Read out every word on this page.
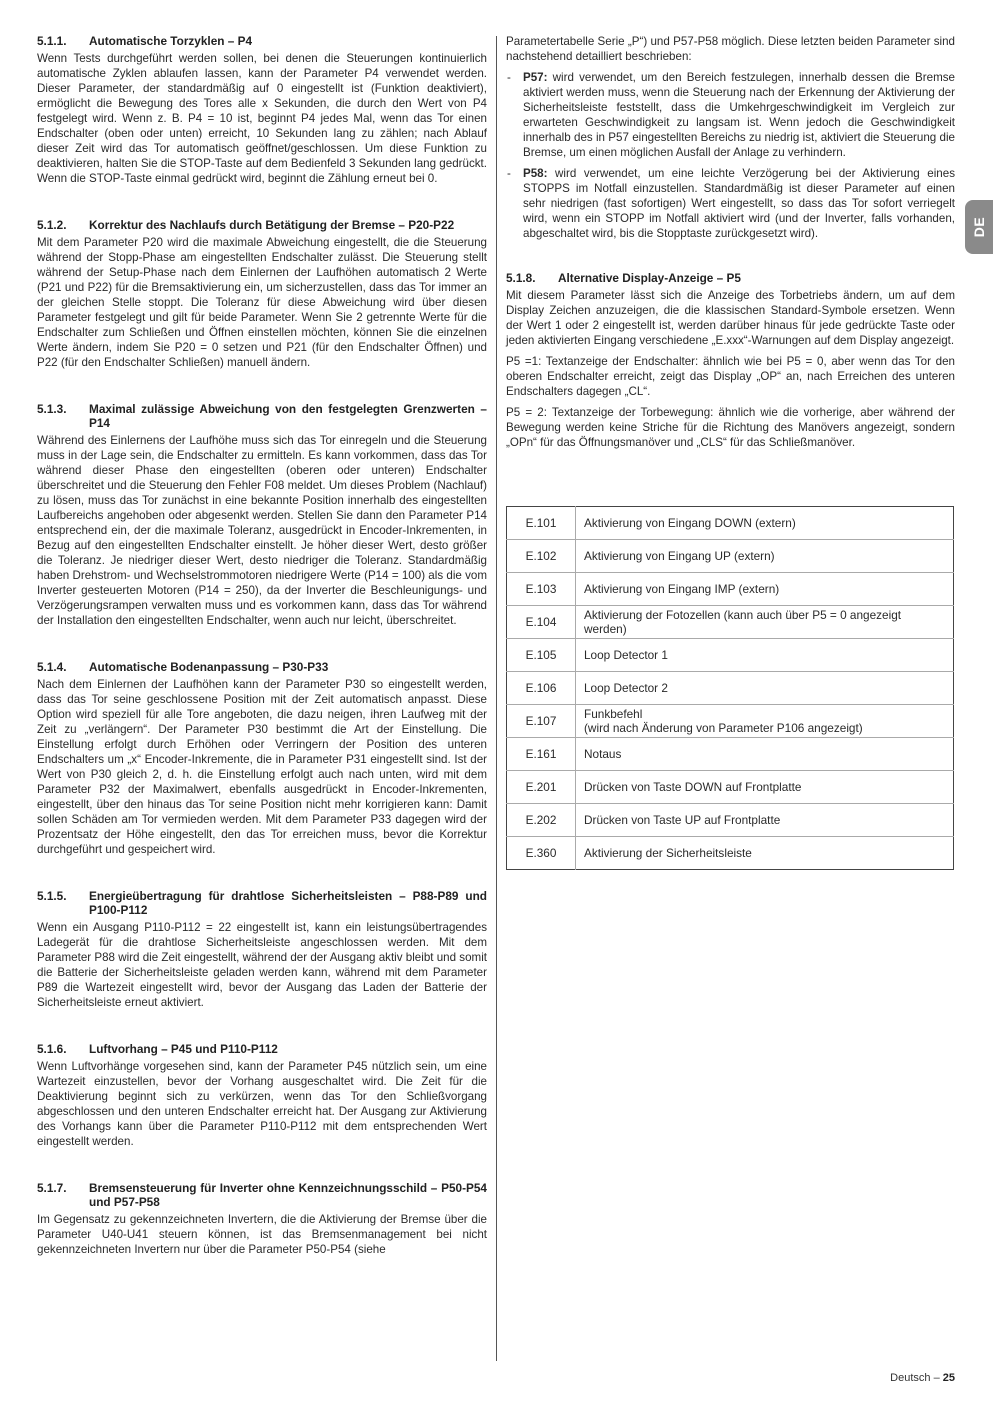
DE
5.1.1.	Automatische Torzyklen – P4

Wenn Tests durchgeführt werden sollen, bei denen die Steuerungen kontinuierlich automatische Zyklen ablaufen lassen, kann der Parameter P4 verwendet werden. Dieser Parameter, der standardmäßig auf 0 eingestellt ist (Funktion deaktiviert), ermöglicht die Bewegung des Tores alle x Sekunden, die durch den Wert von P4 festgelegt wird. Wenn z. B. P4 = 10 ist, beginnt P4 jedes Mal, wenn das Tor einen Endschalter (oben oder unten) erreicht, 10 Sekunden lang zu zählen; nach Ablauf dieser Zeit wird das Tor automatisch geöffnet/geschlossen. Um diese Funktion zu deaktivieren, halten Sie die STOP-Taste auf dem Bedienfeld 3 Sekunden lang gedrückt. Wenn die STOP-Taste einmal gedrückt wird, beginnt die Zählung erneut bei 0.

5.1.2.	Korrektur des Nachlaufs durch Betätigung der Bremse – P20-P22

Mit dem Parameter P20 wird die maximale Abweichung eingestellt, die die Steuerung während der Stopp-Phase am eingestellten Endschalter zulässt. Die Steuerung stellt während der Setup-Phase nach dem Einlernen der Laufhöhen automatisch 2 Werte (P21 und P22) für die Bremsaktivierung ein, um sicherzustellen, dass das Tor immer an der gleichen Stelle stoppt. Die Toleranz für diese Abweichung wird über diesen Parameter festgelegt und gilt für beide Parameter. Wenn Sie 2 getrennte Werte für die Endschalter zum Schließen und Öffnen einstellen möchten, können Sie die einzelnen Werte ändern, indem Sie P20 = 0 setzen und P21 (für den Endschalter Öffnen) und P22 (für den Endschalter Schließen) manuell ändern.

5.1.3.	Maximal zulässige Abweichung von den festgelegten Grenzwerten – P14

Während des Einlernens der Laufhöhe muss sich das Tor einregeln und die Steuerung muss in der Lage sein, die Endschalter zu ermitteln. Es kann vorkommen, dass das Tor während dieser Phase den eingestellten (oberen oder unteren) Endschalter überschreitet und die Steuerung den Fehler F08 meldet. Um dieses Problem (Nachlauf) zu lösen, muss das Tor zunächst in eine bekannte Position innerhalb des eingestellten Laufbereichs angehoben oder abgesenkt werden. Stellen Sie dann den Parameter P14 entsprechend ein, der die maximale Toleranz, ausgedrückt in Encoder-Inkrementen, in Bezug auf den eingestellten Endschalter einstellt. Je höher dieser Wert, desto größer die Toleranz. Je niedriger dieser Wert, desto niedriger die Toleranz. Standardmäßig haben Drehstrom- und Wechselstrommotoren niedrigere Werte (P14 = 100) als die vom Inverter gesteuerten Motoren (P14 = 250), da der Inverter die Beschleunigungs- und Verzögerungsrampen verwalten muss und es vorkommen kann, dass das Tor während der Installation den eingestellten Endschalter, wenn auch nur leicht, überschreitet.

5.1.4.	Automatische Bodenanpassung – P30-P33

Nach dem Einlernen der Laufhöhen kann der Parameter P30 so eingestellt werden, dass das Tor seine geschlossene Position mit der Zeit automatisch anpasst. Diese Option wird speziell für alle Tore angeboten, die dazu neigen, ihren Laufweg mit der Zeit zu „verlängern“. Der Parameter P30 bestimmt die Art der Einstellung. Die Einstellung erfolgt durch Erhöhen oder Verringern der Position des unteren Endschalters um „x“ Encoder-Inkremente, die in Parameter P31 eingestellt sind. Ist der Wert von P30 gleich 2, d. h. die Einstellung erfolgt auch nach unten, wird mit dem Parameter P32 der Maximalwert, ebenfalls ausgedrückt in Encoder-Inkrementen, eingestellt, über den hinaus das Tor seine Position nicht mehr korrigieren kann: Damit sollen Schäden am Tor vermieden werden. Mit dem Parameter P33 dagegen wird der Prozentsatz der Höhe eingestellt, den das Tor erreichen muss, bevor die Korrektur durchgeführt und gespeichert wird.

5.1.5.	Energieübertragung für drahtlose Sicherheitsleisten – P88-P89 und P100-P112

Wenn ein Ausgang P110-P112 = 22 eingestellt ist, kann ein leistungsübertragendes Ladegerät für die drahtlose Sicherheitsleiste angeschlossen werden. Mit dem Parameter P88 wird die Zeit eingestellt, während der der Ausgang aktiv bleibt und somit die Batterie der Sicherheitsleiste geladen werden kann, während mit dem Parameter P89 die Wartezeit eingestellt wird, bevor der Ausgang das Laden der Batterie der Sicherheitsleiste erneut aktiviert.

5.1.6.	Luftvorhang – P45 und P110-P112

Wenn Luftvorhänge vorgesehen sind, kann der Parameter P45 nützlich sein, um eine Wartezeit einzustellen, bevor der Vorhang ausgeschaltet wird. Die Zeit für die Deaktivierung beginnt sich zu verkürzen, wenn das Tor den Schließvorgang abgeschlossen und den unteren Endschalter erreicht hat. Der Ausgang zur Aktivierung des Vorhangs kann über die Parameter P110-P112 mit dem entsprechenden Wert eingestellt werden.

5.1.7.	Bremsensteuerung für Inverter ohne Kennzeichnungsschild – P50-P54 und P57-P58

Im Gegensatz zu gekennzeichneten Invertern, die die Aktivierung der Bremse über die Parameter U40-U41 steuern können, ist das Bremsenmanagement bei nicht gekennzeichneten Invertern nur über die Parameter P50-P54 (siehe

Parametertabelle Serie „P“) und P57-P58 möglich. Diese letzten beiden Parameter sind nachstehend detailliert beschrieben:

- P57: wird verwendet, um den Bereich festzulegen, innerhalb dessen die Bremse aktiviert werden muss, wenn die Steuerung nach der Erkennung der Aktivierung der Sicherheitsleiste feststellt, dass die Umkehrgeschwindigkeit im Vergleich zur erwarteten Geschwindigkeit zu langsam ist. Wenn jedoch die Geschwindigkeit innerhalb des in P57 eingestellten Bereichs zu niedrig ist, aktiviert die Steuerung die Bremse, um einen möglichen Ausfall der Anlage zu verhindern.
- P58: wird verwendet, um eine leichte Verzögerung bei der Aktivierung eines STOPPS im Notfall einzustellen. Standardmäßig ist dieser Parameter auf einen sehr niedrigen (fast sofortigen) Wert eingestellt, so dass das Tor sofort verriegelt wird, wenn ein STOPP im Notfall aktiviert wird (und der Inverter, falls vorhanden, abgeschaltet wird, bis die Stopptaste zurückgesetzt wird).
5.1.8.	Alternative Display-Anzeige – P5

Mit diesem Parameter lässt sich die Anzeige des Torbetriebs ändern, um auf dem Display Zeichen anzuzeigen, die die klassischen Standard-Symbole ersetzen. Wenn der Wert 1 oder 2 eingestellt ist, werden darüber hinaus für jede gedrückte Taste oder jeden aktivierten Eingang verschiedene „E.xxx“-Warnungen auf dem Display angezeigt.

P5 =1: Textanzeige der Endschalter: ähnlich wie bei P5 = 0, aber wenn das Tor den oberen Endschalter erreicht, zeigt das Display „OP“ an, nach Erreichen des unteren Endschalters dagegen „CL“.

P5 = 2: Textanzeige der Torbewegung: ähnlich wie die vorherige, aber während der Bewegung werden keine Striche für die Richtung des Manövers angezeigt, sondern „OPn“ für das Öffnungsmanöver und „CLS“ für das Schließmanöver.

E.101	Aktivierung von Eingang DOWN (extern)

E.102	Aktivierung von Eingang UP (extern)

E.103	Aktivierung von Eingang IMP (extern)

E.104	Aktivierung der Fotozellen (kann auch über P5 = 0 angezeigt werden)

E.105	Loop Detector 1

E.106	Loop Detector 2

E.107	Funkbefehl
(wird nach Änderung von Parameter P106 angezeigt)

E.161	Notaus

E.201	Drücken von Taste DOWN auf Frontplatte

E.202	Drücken von Taste UP auf Frontplatte

E.360	Aktivierung der Sicherheitsleiste
Deutsch – 25
